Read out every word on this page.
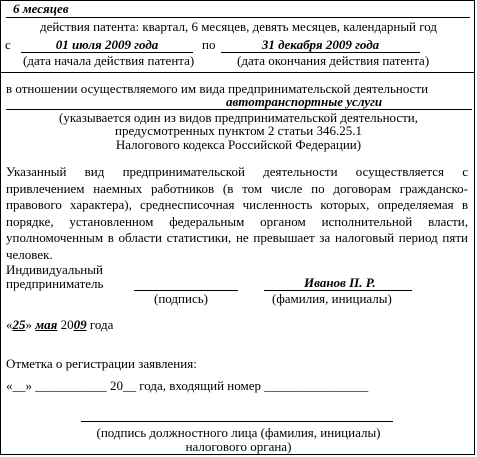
6 месяцев
действия патента: квартал, 6 месяцев, девять месяцев, календарный год
с	01 июля 2009 года	по	31 декабря 2009 года
(дата начала действия патента)	(дата окончания действия патента)
в отношении осуществляемого им вида предпринимательской деятельности
автотранспортные услуги
(указывается один из видов предпринимательской деятельности,
предусмотренных пунктом 2 статьи 346.25.1
Налогового кодекса Российской Федерации)
Указанный вид предпринимательской деятельности осуществляется с привлечением наемных работников (в том числе по договорам гражданско-правового характера), среднесписочная численность которых, определяемая в порядке, установленном федеральным органом исполнительной власти, уполномоченным в области статистики, не превышает за налоговый период пяти человек.
Индивидуальный
предприниматель	Иванов П. Р.
(подпись)	(фамилия, инициалы)
«25» мая 2009 года
Отметка о регистрации заявления:
«__» ___________ 20__ года, входящий номер ________________
(подпись должностного лица (фамилия, инициалы)
налогового органа)
